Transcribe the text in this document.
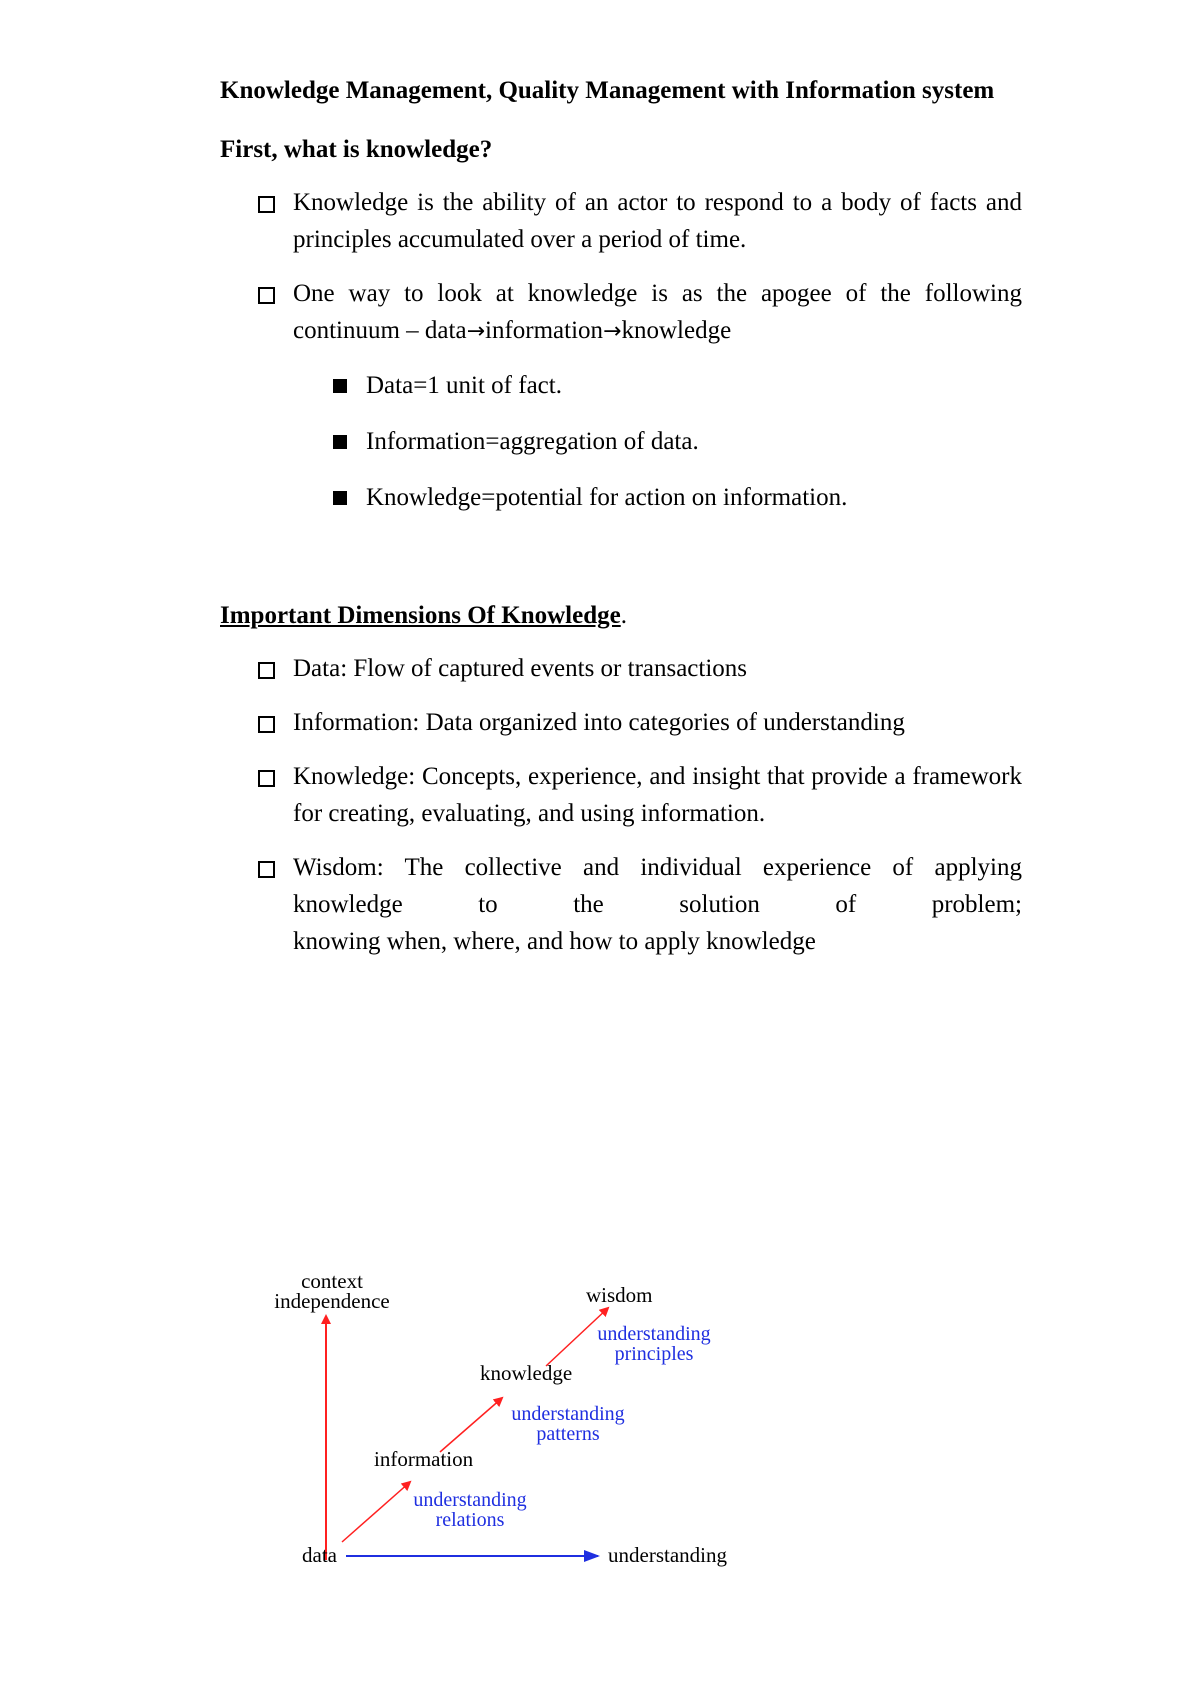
Knowledge Management, Quality Management with Information system
First, what is knowledge?
Knowledge is the ability of an actor to respond to a body of facts and principles accumulated over a period of time.
One way to look at knowledge is as the apogee of the following continuum – data→information→knowledge
Data=1 unit of fact.
Information=aggregation of data.
Knowledge=potential for action on information.
Important Dimensions Of Knowledge.
Data: Flow of captured events or transactions
Information: Data organized into categories of understanding
Knowledge: Concepts, experience, and insight that provide a framework for creating, evaluating, and using information.
Wisdom: The collective and individual experience of applying knowledge to the solution of problem;
knowing when, where, and how to apply knowledge
context
independence	wisdom
knowledge
information
data	understanding
understanding
principles
understanding
patterns
understanding
relations
